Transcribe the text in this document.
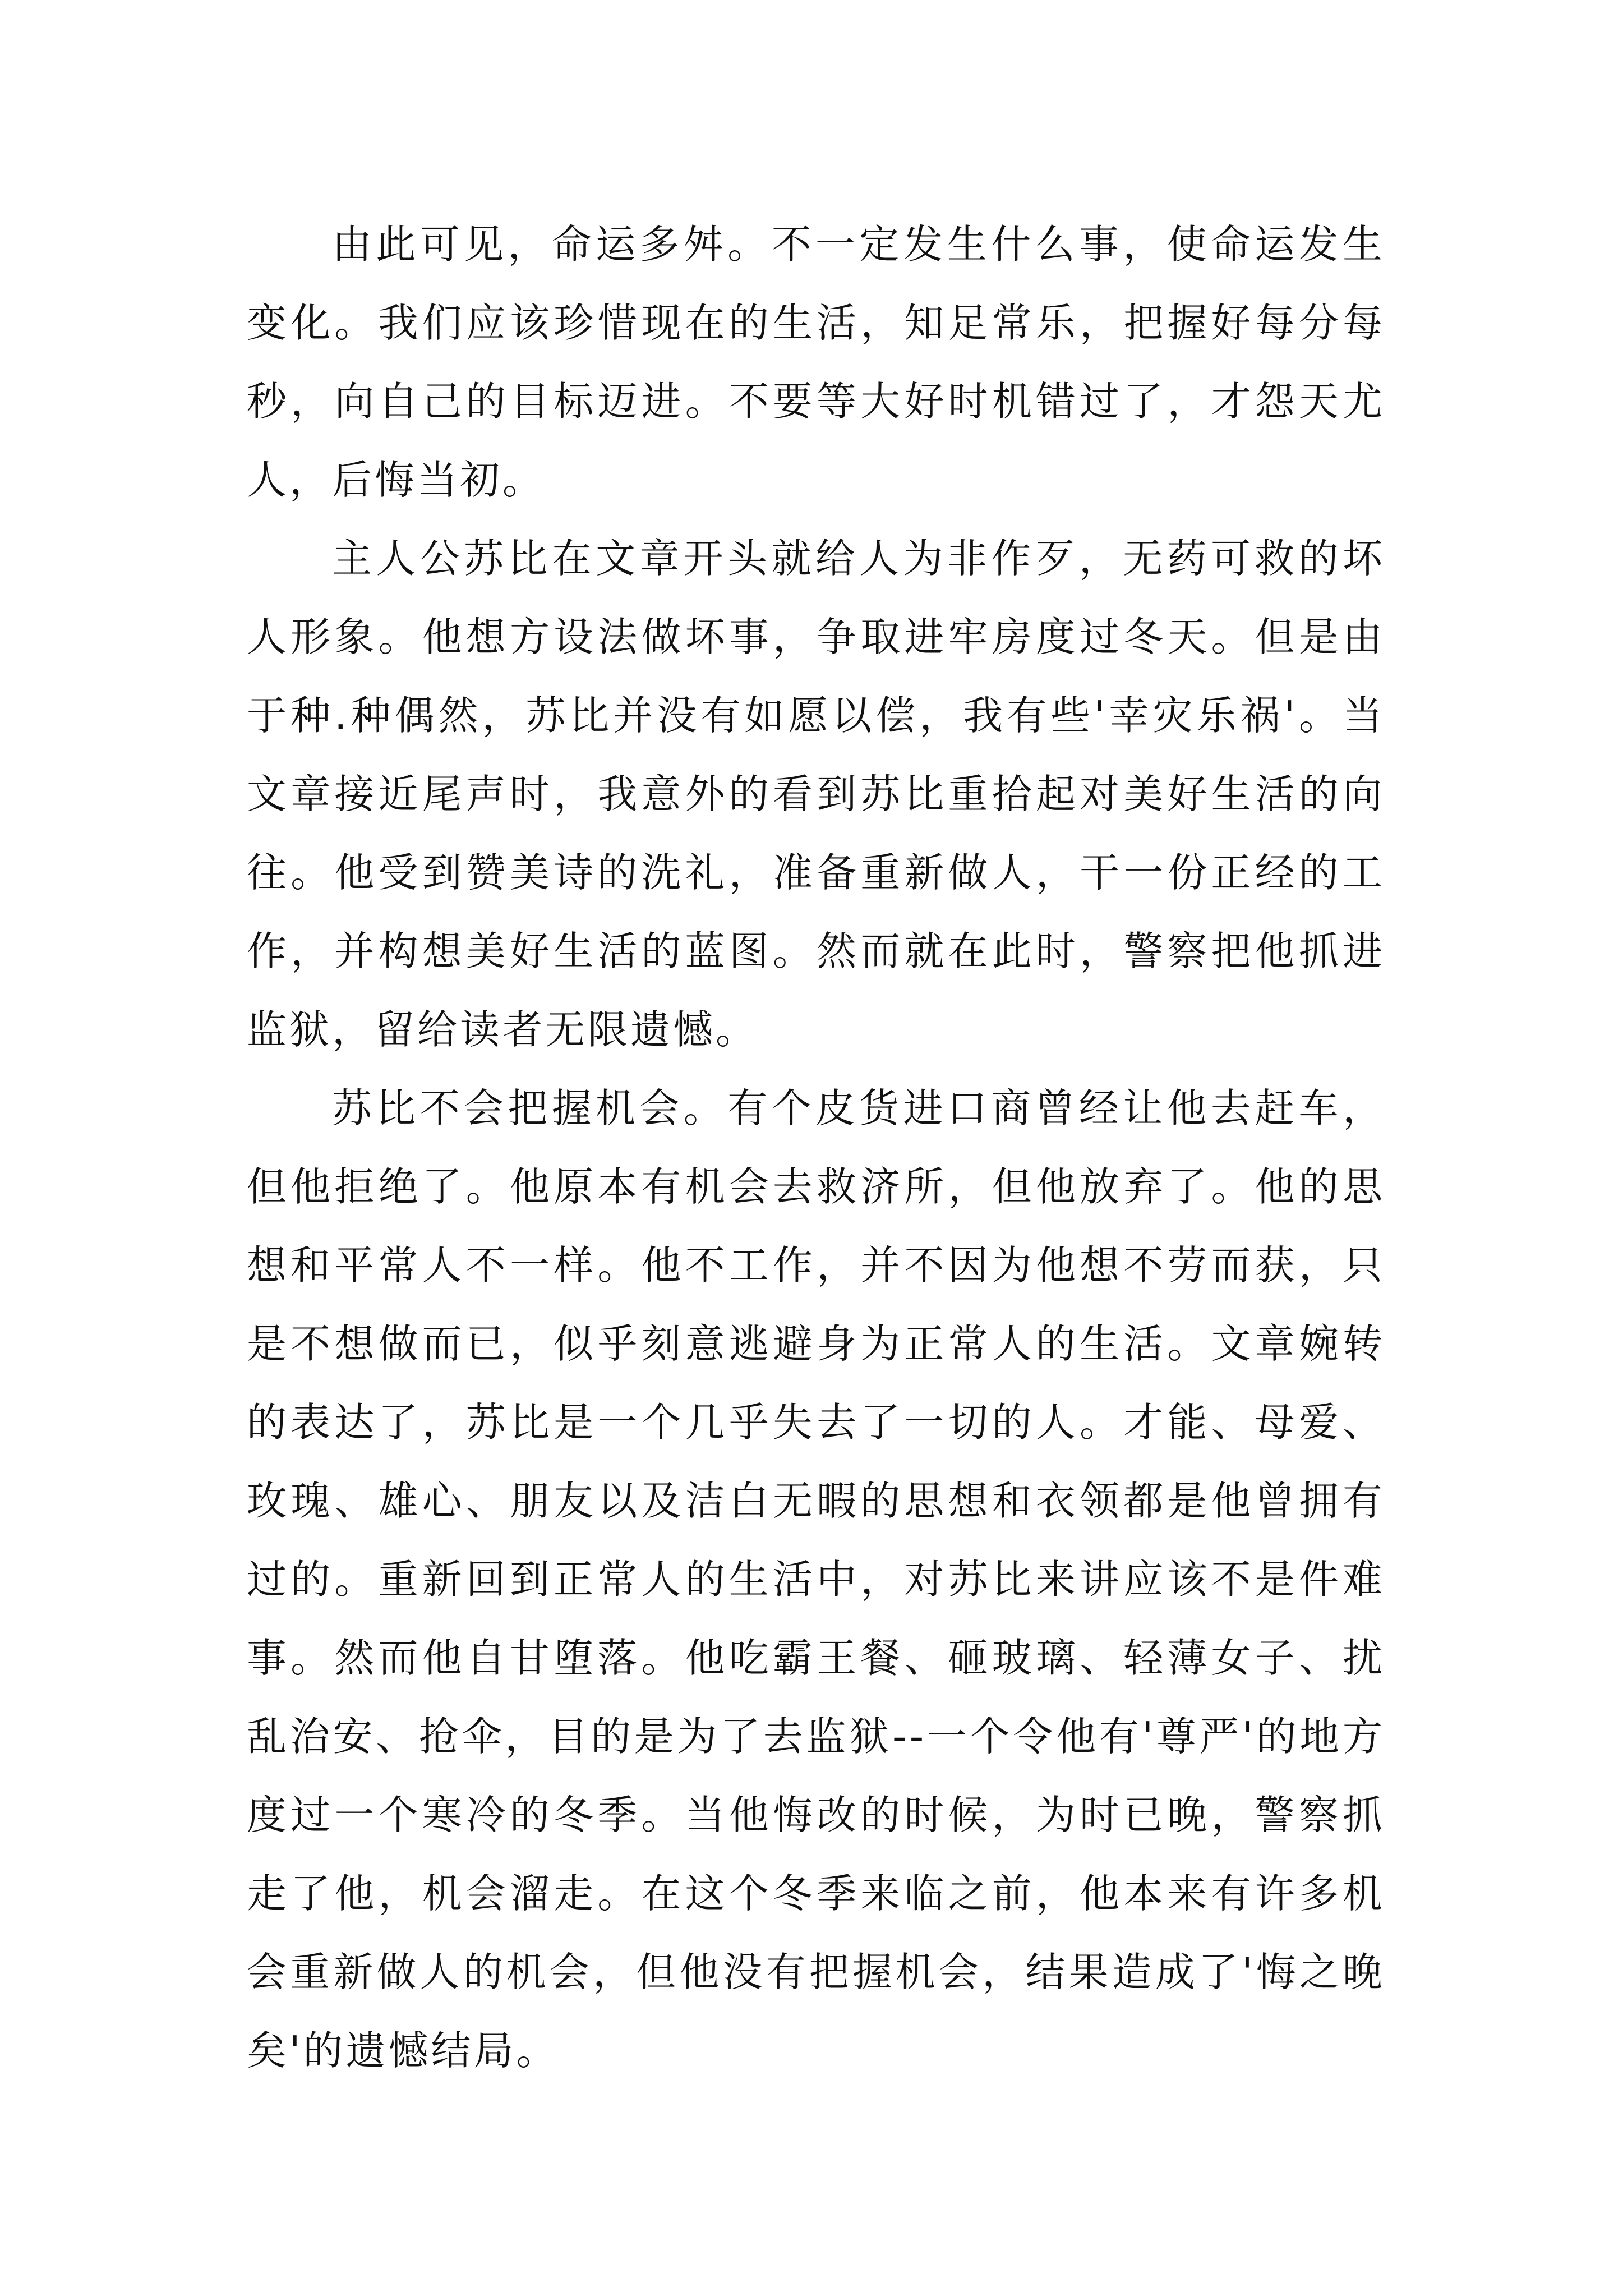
由此可见，命运多舛。不一定发生什么事，使命运发生变化。我们应该珍惜现在的生活，知足常乐，把握好每分每秒，向自己的目标迈进。不要等大好时机错过了，才怨天尤人，后悔当初。

主人公苏比在文章开头就给人为非作歹，无药可救的坏人形象。他想方设法做坏事，争取进牢房度过冬天。但是由于种.种偶然，苏比并没有如愿以偿，我有些'幸灾乐祸'。当文章接近尾声时，我意外的看到苏比重拾起对美好生活的向往。他受到赞美诗的洗礼，准备重新做人，干一份正经的工作，并构想美好生活的蓝图。然而就在此时，警察把他抓进监狱，留给读者无限遗憾。

苏比不会把握机会。有个皮货进口商曾经让他去赶车，但他拒绝了。他原本有机会去救济所，但他放弃了。他的思想和平常人不一样。他不工作，并不因为他想不劳而获，只是不想做而已，似乎刻意逃避身为正常人的生活。文章婉转的表达了，苏比是一个几乎失去了一切的人。才能、母爱、玫瑰、雄心、朋友以及洁白无暇的思想和衣领都是他曾拥有过的。重新回到正常人的生活中，对苏比来讲应该不是件难事。然而他自甘堕落。他吃霸王餐、砸玻璃、轻薄女子、扰乱治安、抢伞，目的是为了去监狱--一个令他有'尊严'的地方度过一个寒冷的冬季。当他悔改的时候，为时已晚，警察抓走了他，机会溜走。在这个冬季来临之前，他本来有许多机会重新做人的机会，但他没有把握机会，结果造成了'悔之晚矣'的遗憾结局。
